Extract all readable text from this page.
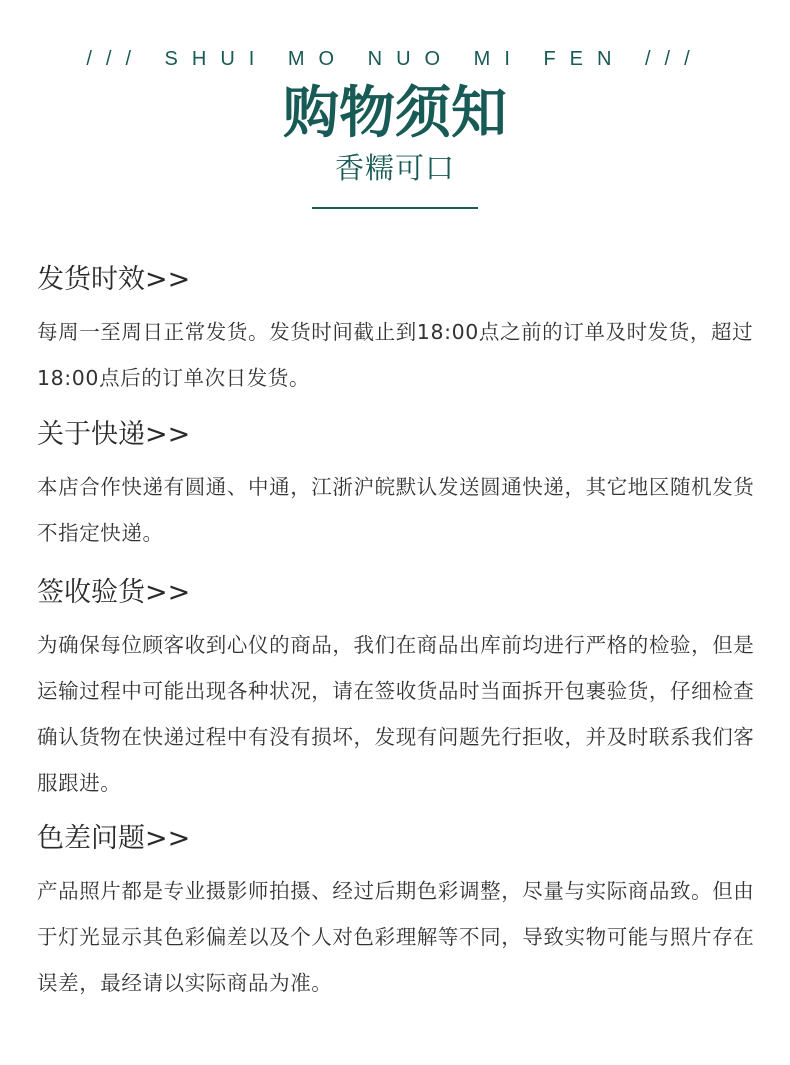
/// SHUI MO NUO MI FEN ///
购物须知
香糯可口
发货时效>>

每周一至周日正常发货。发货时间截止到18:00点之前的订单及时发货，超过18:00点后的订单次日发货。

关于快递>>

本店合作快递有圆通、中通，江浙沪皖默认发送圆通快递，其它地区随机发货不指定快递。

签收验货>>

为确保每位顾客收到心仪的商品，我们在商品出库前均进行严格的检验，但是运输过程中可能出现各种状况，请在签收货品时当面拆开包裹验货，仔细检查确认货物在快递过程中有没有损坏，发现有问题先行拒收，并及时联系我们客服跟进。

色差问题>>

产品照片都是专业摄影师拍摄、经过后期色彩调整，尽量与实际商品致。但由于灯光显示其色彩偏差以及个人对色彩理解等不同，导致实物可能与照片存在误差，最经请以实际商品为准。
